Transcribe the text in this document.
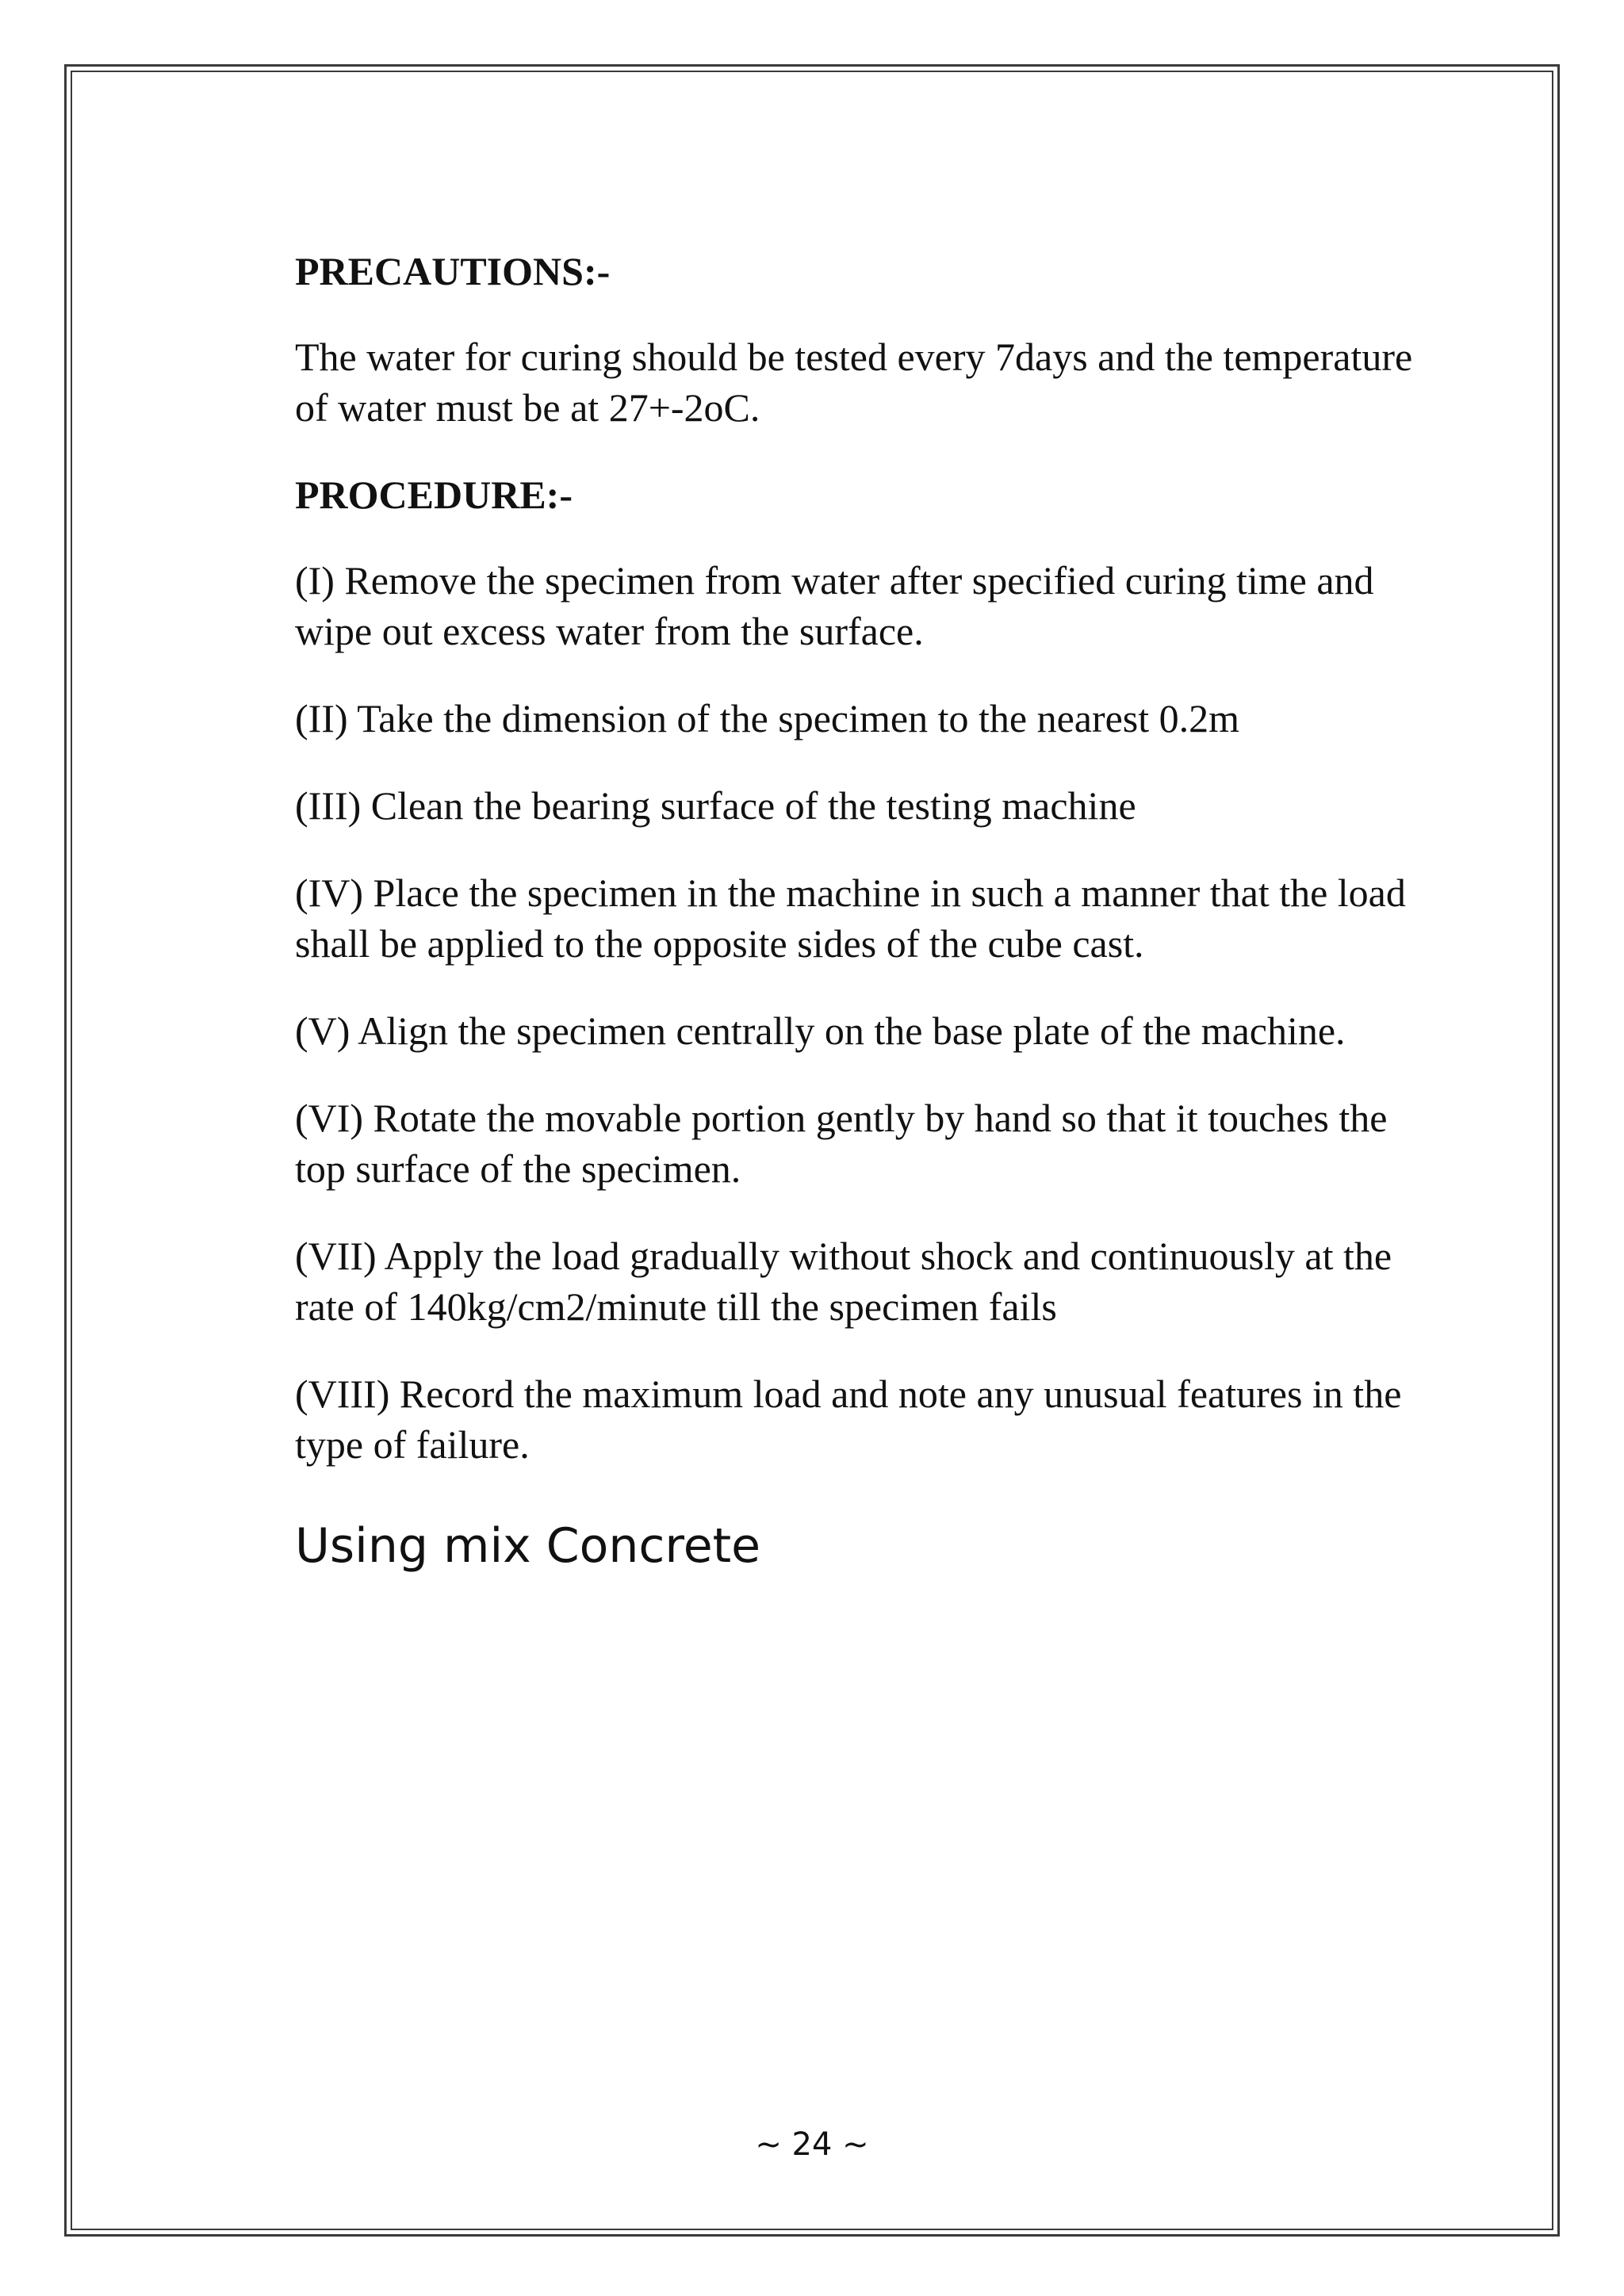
PRECAUTIONS:-
The water for curing should be tested every 7days and the temperature of water must be at 27+-2oC.
PROCEDURE:-
(I) Remove the specimen from water after specified curing time and wipe out excess water from the surface.
(II) Take the dimension of the specimen to the nearest 0.2m
(III) Clean the bearing surface of the testing machine
(IV) Place the specimen in the machine in such a manner that the load shall be applied to the opposite sides of the cube cast.
(V) Align the specimen centrally on the base plate of the machine.
(VI) Rotate the movable portion gently by hand so that it touches the top surface of the specimen.
(VII) Apply the load gradually without shock and continuously at the rate of 140kg/cm2/minute till the specimen fails
(VIII) Record the maximum load and note any unusual features in the type of failure.
Using mix Concrete
~ 24 ~
